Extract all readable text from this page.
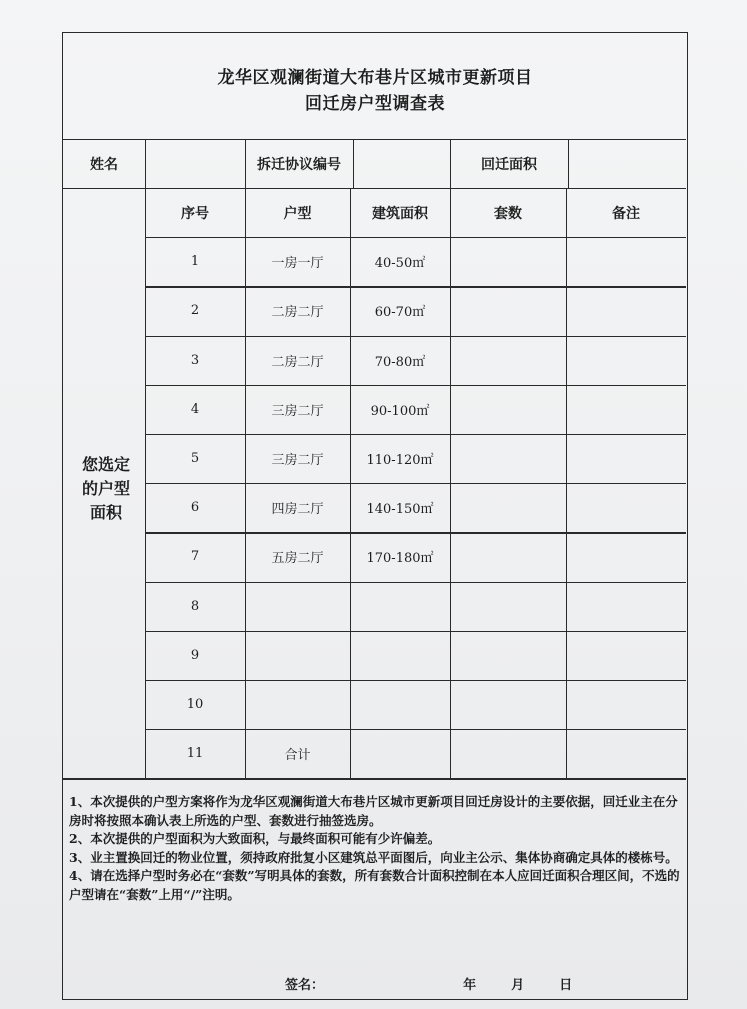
龙华区观澜街道大布巷片区城市更新项目
回迁房户型调查表
姓名	拆迁协议编号	回迁面积
序号	户型	建筑面积	套数	备注
1	一房一厅	40-50㎡
2	二房二厅	60-70㎡
3	二房二厅	70-80㎡
4	三房二厅	90-100㎡
5	三房二厅	110-120㎡
6	四房二厅	140-150㎡
7	五房二厅	170-180㎡
8
9
10
11	合计
您选定
的户型
面积

1、本次提供的户型方案将作为龙华区观澜街道大布巷片区城市更新项目回迁房设计的主要依据，回迁业主在分房时将按照本确认表上所选的户型、套数进行抽签选房。

2、本次提供的户型面积为大致面积，与最终面积可能有少许偏差。

3、业主置换回迁的物业位置，须持政府批复小区建筑总平面图后，向业主公示、集体协商确定具体的楼栋号。

4、请在选择户型时务必在“套数”写明具体的套数，所有套数合计面积控制在本人应回迁面积合理区间，不选的户型请在“套数”上用“/”注明。

签名：	年	月	日
